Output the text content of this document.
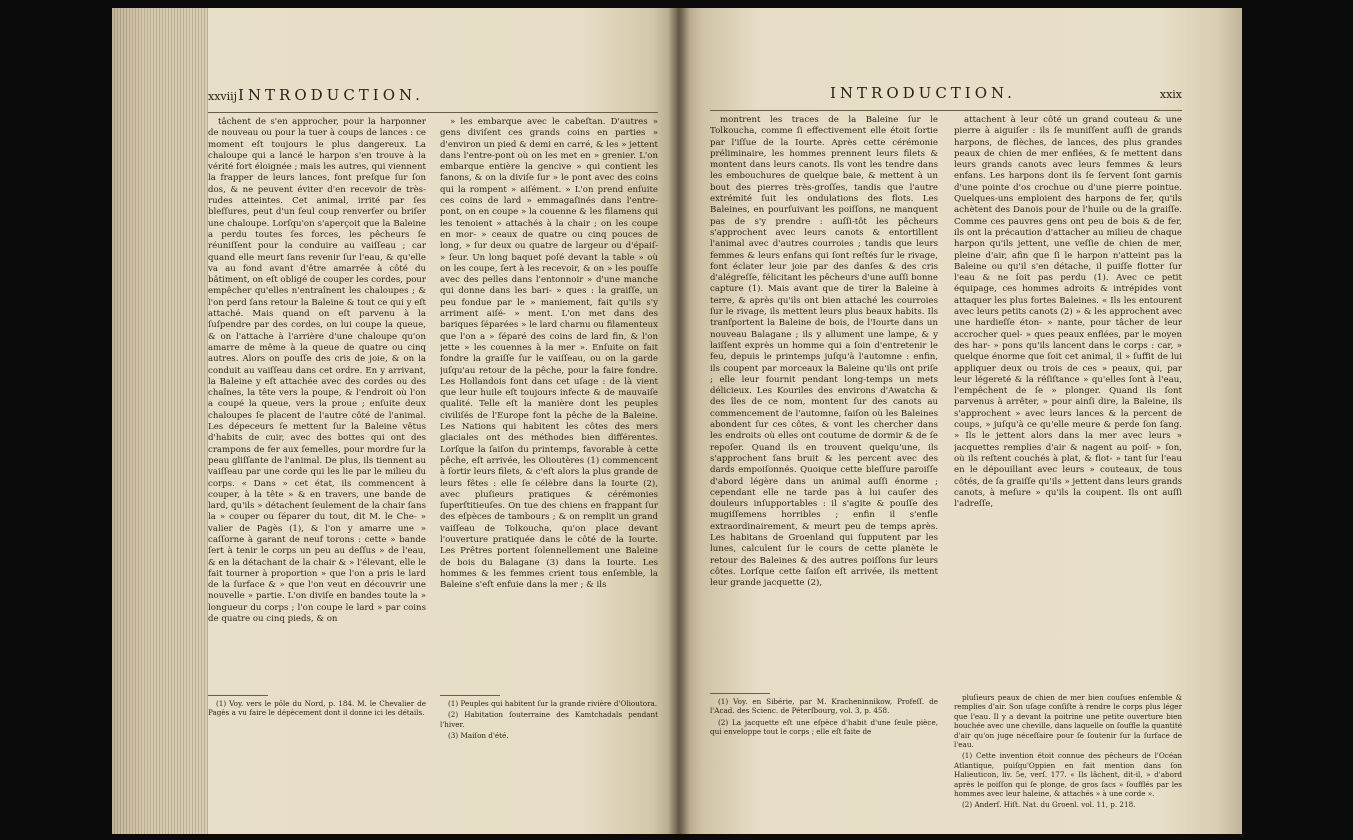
xxviij INTRODUCTION.

tâchent de s'en approcher, pour la harponner de nouveau ou pour la tuer à coups de lances : ce moment eſt toujours le plus dangereux. La chaloupe qui a lancé le harpon s'en trouve à la vérité fort éloignée ; mais les autres, qui viennent la frapper de leurs lances, font preſque ſur ſon dos, & ne peuvent éviter d'en recevoir de très-rudes atteintes. Cet animal, irrité par ſes bleſſures, peut d'un ſeul coup renverſer ou briſer une chaloupe. Lorſqu'on s'aperçoit que la Baleine a perdu toutes ſes forces, les pêcheurs ſe réuniſſent pour la conduire au vaiſſeau ; car quand elle meurt ſans revenir ſur l'eau, & qu'elle va au fond avant d'être amarrée à côté du bâtiment, on eſt obligé de couper les cordes, pour empêcher qu'elles n'entraînent les chaloupes ; & l'on perd ſans retour la Baleine & tout ce qui y eſt attaché. Mais quand on eſt parvenu à la ſuſpendre par des cordes, on lui coupe la queue, & on l'attache à l'arrière d'une chaloupe qu'on amarre de même à la queue de quatre ou cinq autres. Alors on pouſſe des cris de joie, & on la conduit au vaiſſeau dans cet ordre. En y arrivant, la Baleine y eſt attachée avec des cordes ou des chaînes, la tête vers la poupe, & l'endroit où l'on a coupé la queue, vers la proue ; enſuite deux chaloupes ſe placent de l'autre côté de l'animal. Les dépeceurs ſe mettent ſur la Baleine vêtus d'habits de cuir, avec des bottes qui ont des crampons de fer aux ſemelles, pour mordre ſur la peau gliſſante de l'animal. De plus, ils tiennent au vaiſſeau par une corde qui les lie par le milieu du corps. « Dans » cet état, ils commencent à couper, à la tête » & en travers, une bande de lard, qu'ils » détachent ſeulement de la chair ſans la » couper ou ſéparer du tout, dit M. le Che- » valier de Pagès (1), & l'on y amarre une » caſſorne à garant de neuf torons : cette » bande ſert à tenir le corps un peu au deſſus » de l'eau, & en la détachant de la chair & » l'élevant, elle le fait tourner à proportion » que l'on a pris le lard de la ſurface & » que l'on veut en découvrir une nouvelle » partie. L'on diviſe en bandes toute la » longueur du corps ; l'on coupe le lard » par coins de quatre ou cinq pieds, & on

» les embarque avec le cabeſtan. D'autres » gens diviſent ces grands coins en parties » d'environ un pied & demi en carré, & les » jettent dans l'entre-pont où on les met en » grenier. L'on embarque entière la gencive » qui contient les fanons, & on la diviſe ſur » le pont avec des coins qui la rompent » aiſément. » L'on prend enſuite ces coins de lard » emmagaſinés dans l'entre-pont, on en coupe » la couenne & les filamens qui les tenoient » attachés à la chair ; on les coupe en mor- » ceaux de quatre ou cinq pouces de long, » ſur deux ou quatre de largeur ou d'épaiſ- » ſeur. Un long baquet poſé devant la table » où on les coupe, ſert à les recevoir, & on » les pouſſe avec des pelles dans l'entonnoir » d'une manche qui donne dans les bari- » ques : la graiſſe, un peu fondue par le » maniement, fait qu'ils s'y arriment aiſé- » ment. L'on met dans des bariques ſéparées » le lard charnu ou filamenteux que l'on a » ſéparé des coins de lard fin, & l'on jette » les couennes à la mer ». Enſuite on fait fondre la graiſſe ſur le vaiſſeau, ou on la garde juſqu'au retour de la pêche, pour la faire fondre. Les Hollandois font dans cet uſage : de là vient que leur huile eſt toujours infecte & de mauvaiſe qualité. Telle eſt la manière dont les peuples civiliſés de l'Europe font la pêche de la Baleine. Les Nations qui habitent les côtes des mers glaciales ont des méthodes bien différentes. Lorſque la ſaiſon du printemps, favorable à cette pêche, eſt arrivée, les Olioutères (1) commencent à ſortir leurs filets, & c'eſt alors la plus grande de leurs fêtes : elle ſe célèbre dans la Iourte (2), avec pluſieurs pratiques & cérémonies ſuperſtitieuſes. On tue des chiens en frappant ſur des eſpèces de tambours ; & on remplit un grand vaiſſeau de Tolkoucha, qu'on place devant l'ouverture pratiquée dans le côté de la Iourte. Les Prêtres portent ſolennellement une Baleine de bois du Balagane (3) dans la Iourte. Les hommes & les femmes crient tous enſemble, la Baleine s'eſt enfuie dans la mer ; & ils

(1) Voy. vers le pôle du Nord, p. 184. M. le Chevalier de Pagès a vu faire le dépècement dont il donne ici les détails.

(1) Peuples qui habitent ſur la grande rivière d'Olioutora.

(2) Habitation ſouterraine des Kamtchadals pendant l'hiver.

(3) Maiſon d'été.

INTRODUCTION.	xxix

montrent les traces de la Baleine ſur le Tolkoucha, comme ſi effectivement elle étoit ſortie par l'iſſue de la Iourte. Après cette cérémonie préliminaire, les hommes prennent leurs filets & montent dans leurs canots. Ils vont les tendre dans les embouchures de quelque baie, & mettent à un bout des pierres très-groſſes, tandis que l'autre extrémité ſuit les ondulations des flots. Les Baleines, en pourſuivant les poiſſons, ne manquent pas de s'y prendre : auſſi-tôt les pêcheurs s'approchent avec leurs canots & entortillent l'animal avec d'autres courroies ; tandis que leurs femmes & leurs enfans qui ſont reſtés ſur le rivage, font éclater leur joie par des danſes & des cris d'alégreſſe, félicitant les pêcheurs d'une auſſi bonne capture (1). Mais avant que de tirer la Baleine à terre, & après qu'ils ont bien attaché les courroies ſur le rivage, ils mettent leurs plus beaux habits. Ils tranſportent la Baleine de bois, de l'Iourte dans un nouveau Balagane ; ils y allument une lampe, & y laiſſent exprès un homme qui a ſoin d'entretenir le feu, depuis le printemps juſqu'à l'automne : enfin, ils coupent par morceaux la Baleine qu'ils ont priſe ; elle leur fournit pendant long-temps un mets délicieux. Les Kouriles des environs d'Awatcha & des îles de ce nom, montent ſur des canots au commencement de l'automne, ſaiſon où les Baleines abondent ſur ces côtes, & vont les chercher dans les endroits où elles ont coutume de dormir & de ſe repoſer. Quand ils en trouvent quelqu'une, ils s'approchent ſans bruit & les percent avec des dards empoiſonnés. Quoique cette bleſſure paroiſſe d'abord légère dans un animal auſſi énorme ; cependant elle ne tarde pas à lui cauſer des douleurs inſupportables : il s'agite & pouſſe des mugiſſemens horribles ; enfin il s'enfle extraordinairement, & meurt peu de temps après. Les habitans de Groenland qui ſupputent par les lunes, calculent ſur le cours de cette planète le retour des Baleines & des autres poiſſons ſur leurs côtes. Lorſque cette ſaiſon eſt arrivée, ils mettent leur grande jacquette (2),

attachent à leur côté un grand couteau & une pierre à aiguiſer : ils ſe muniſſent auſſi de grands harpons, de flèches, de lances, des plus grandes peaux de chien de mer enflées, & ſe mettent dans leurs grands canots avec leurs femmes & leurs enfans. Les harpons dont ils ſe ſervent ſont garnis d'une pointe d'os crochue ou d'une pierre pointue. Quelques-uns emploient des harpons de fer, qu'ils achètent des Danois pour de l'huile ou de la graiſſe. Comme ces pauvres gens ont peu de bois & de fer, ils ont la précaution d'attacher au milieu de chaque harpon qu'ils jettent, une veſſie de chien de mer, pleine d'air, afin que ſi le harpon n'atteint pas la Baleine ou qu'il s'en détache, il puiſſe flotter ſur l'eau & ne ſoit pas perdu (1). Avec ce petit équipage, ces hommes adroits & intrépides vont attaquer les plus fortes Baleines. « Ils les entourent avec leurs petits canots (2) » & les approchent avec une hardieſſe éton- » nante, pour tâcher de leur accrocher quel- » ques peaux enflées, par le moyen des har- » pons qu'ils lancent dans le corps : car, » quelque énorme que ſoit cet animal, il » ſuffit de lui appliquer deux ou trois de ces » peaux, qui, par leur légereté & la réſiſtance » qu'elles ſont à l'eau, l'empêchent de ſe » plonger. Quand ils ſont parvenus à arrêter, » pour ainſi dire, la Baleine, ils s'approchent » avec leurs lances & la percent de coups, » juſqu'à ce qu'elle meure & perde ſon ſang. » Ils le jettent alors dans la mer avec leurs » jacquettes remplies d'air & nagent au poiſ- » ſon, où ils reſtent couchés à plat, & flot- » tant ſur l'eau en le dépouillant avec leurs » couteaux, de tous côtés, de ſa graiſſe qu'ils » jettent dans leurs grands canots, à meſure » qu'ils la coupent. Ils ont auſſi l'adreſſe,

(1) Voy. en Sibérie, par M. Kracheninnikow, Profeſſ. de l'Acad. des Scienc. de Péterſbourg, vol. 3, p. 458.

(2) La jacquette eſt une eſpèce d'habit d'une ſeule pièce, qui enveloppe tout le corps ; elle eſt faite de

pluſieurs peaux de chien de mer bien couſues enſemble & remplies d'air. Son uſage conſiſte à rendre le corps plus léger que l'eau. Il y a devant la poitrine une petite ouverture bien bouchée avec une cheville, dans laquelle on ſouffle la quantité d'air qu'on juge néceſſaire pour ſe ſoutenir ſur la ſurface de l'eau.

(1) Cette invention étoit connue des pêcheurs de l'Océan Atlantique, puiſqu'Oppien en fait mention dans ſon Halieuticon, liv. 5e, verſ. 177. « Ils lâchent, dit-il, » d'abord après le poiſſon qui ſe plonge, de gros ſacs » ſoufflés par les hommes avec leur haleine, & attachés » à une corde ».

(2) Anderſ. Hiſt. Nat. du Groenl. vol. 11, p. 218.
